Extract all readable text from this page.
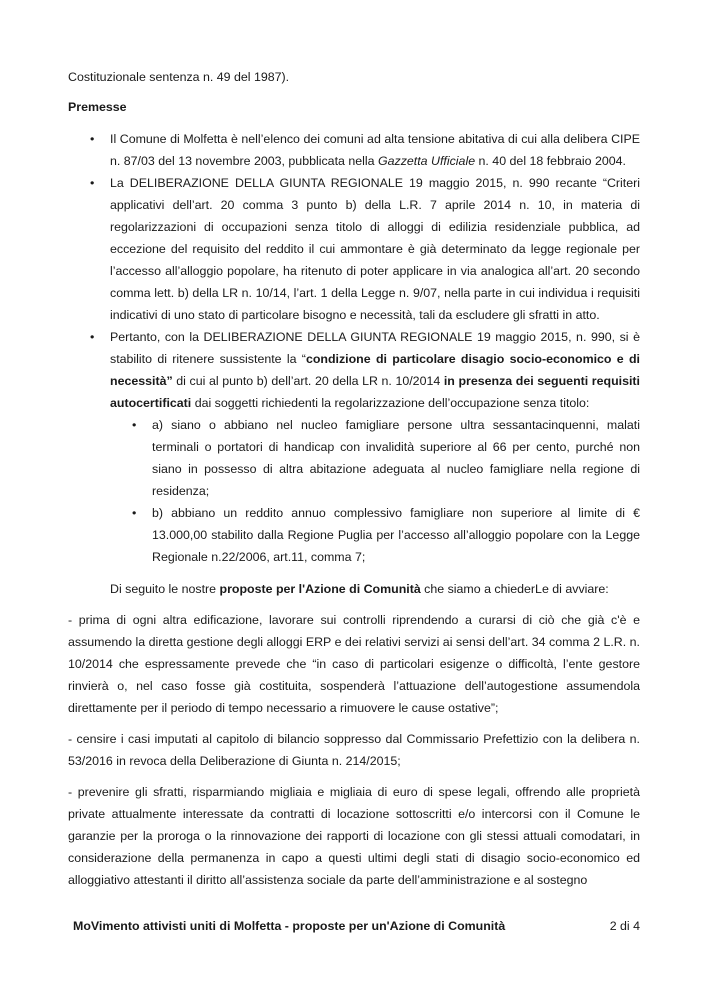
Costituzionale sentenza n. 49 del 1987).

Premesse

• Il Comune di Molfetta è nell’elenco dei comuni ad alta tensione abitativa di cui alla delibera CIPE n. 87/03 del 13 novembre 2003, pubblicata nella Gazzetta Ufficiale n. 40 del 18 febbraio 2004.
• La DELIBERAZIONE DELLA GIUNTA REGIONALE 19 maggio 2015, n. 990 recante “Criteri applicativi dell’art. 20 comma 3 punto b) della L.R. 7 aprile 2014 n. 10, in materia di regolarizzazioni di occupazioni senza titolo di alloggi di edilizia residenziale pubblica, ad eccezione del requisito del reddito il cui ammontare è già determinato da legge regionale per l’accesso all’alloggio popolare, ha ritenuto di poter applicare in via analogica all’art. 20 secondo comma lett. b) della LR n. 10/14, l’art. 1 della Legge n. 9/07, nella parte in cui individua i requisiti indicativi di uno stato di particolare bisogno e necessità, tali da escludere gli sfratti in atto.
• Pertanto, con la DELIBERAZIONE DELLA GIUNTA REGIONALE 19 maggio 2015, n. 990, si è stabilito di ritenere sussistente la “condizione di particolare disagio socio-economico e di necessità” di cui al punto b) dell’art. 20 della LR n. 10/2014 in presenza dei seguenti requisiti autocertificati dai soggetti richiedenti la regolarizzazione dell’occupazione senza titolo:
• a) siano o abbiano nel nucleo famigliare persone ultra sessantacinquenni, malati terminali o portatori di handicap con invalidità superiore al 66 per cento, purché non siano in possesso di altra abitazione adeguata al nucleo famigliare nella regione di residenza;
• b) abbiano un reddito annuo complessivo famigliare non superiore al limite di € 13.000,00 stabilito dalla Regione Puglia per l’accesso all’alloggio popolare con la Legge Regionale n.22/2006, art.11, comma 7;

Di seguito le nostre proposte per l'Azione di Comunità che siamo a chiederLe di avviare:

- prima di ogni altra edificazione, lavorare sui controlli riprendendo a curarsi di ciò che già c'è e assumendo la diretta gestione degli alloggi ERP e dei relativi servizi ai sensi dell’art. 34 comma 2 L.R. n. 10/2014 che espressamente prevede che “in caso di particolari esigenze o difficoltà, l’ente gestore rinvierà o, nel caso fosse già costituita, sospenderà l’attuazione dell’autogestione assumendola direttamente per il periodo di tempo necessario a rimuovere le cause ostative”;

- censire i casi imputati al capitolo di bilancio soppresso dal Commissario Prefettizio con la delibera n. 53/2016 in revoca della Deliberazione di Giunta n. 214/2015;

- prevenire gli sfratti, risparmiando migliaia e migliaia di euro di spese legali, offrendo alle proprietà private attualmente interessate da contratti di locazione sottoscritti e/o intercorsi con il Comune le garanzie per la proroga o la rinnovazione dei rapporti di locazione con gli stessi attuali comodatari, in considerazione della permanenza in capo a questi ultimi degli stati di disagio socio-economico ed alloggiativo attestanti il diritto all’assistenza sociale da parte dell’amministrazione e al sostegno

MoVimento attivisti uniti di Molfetta - proposte per un'Azione di Comunità	2 di 4
